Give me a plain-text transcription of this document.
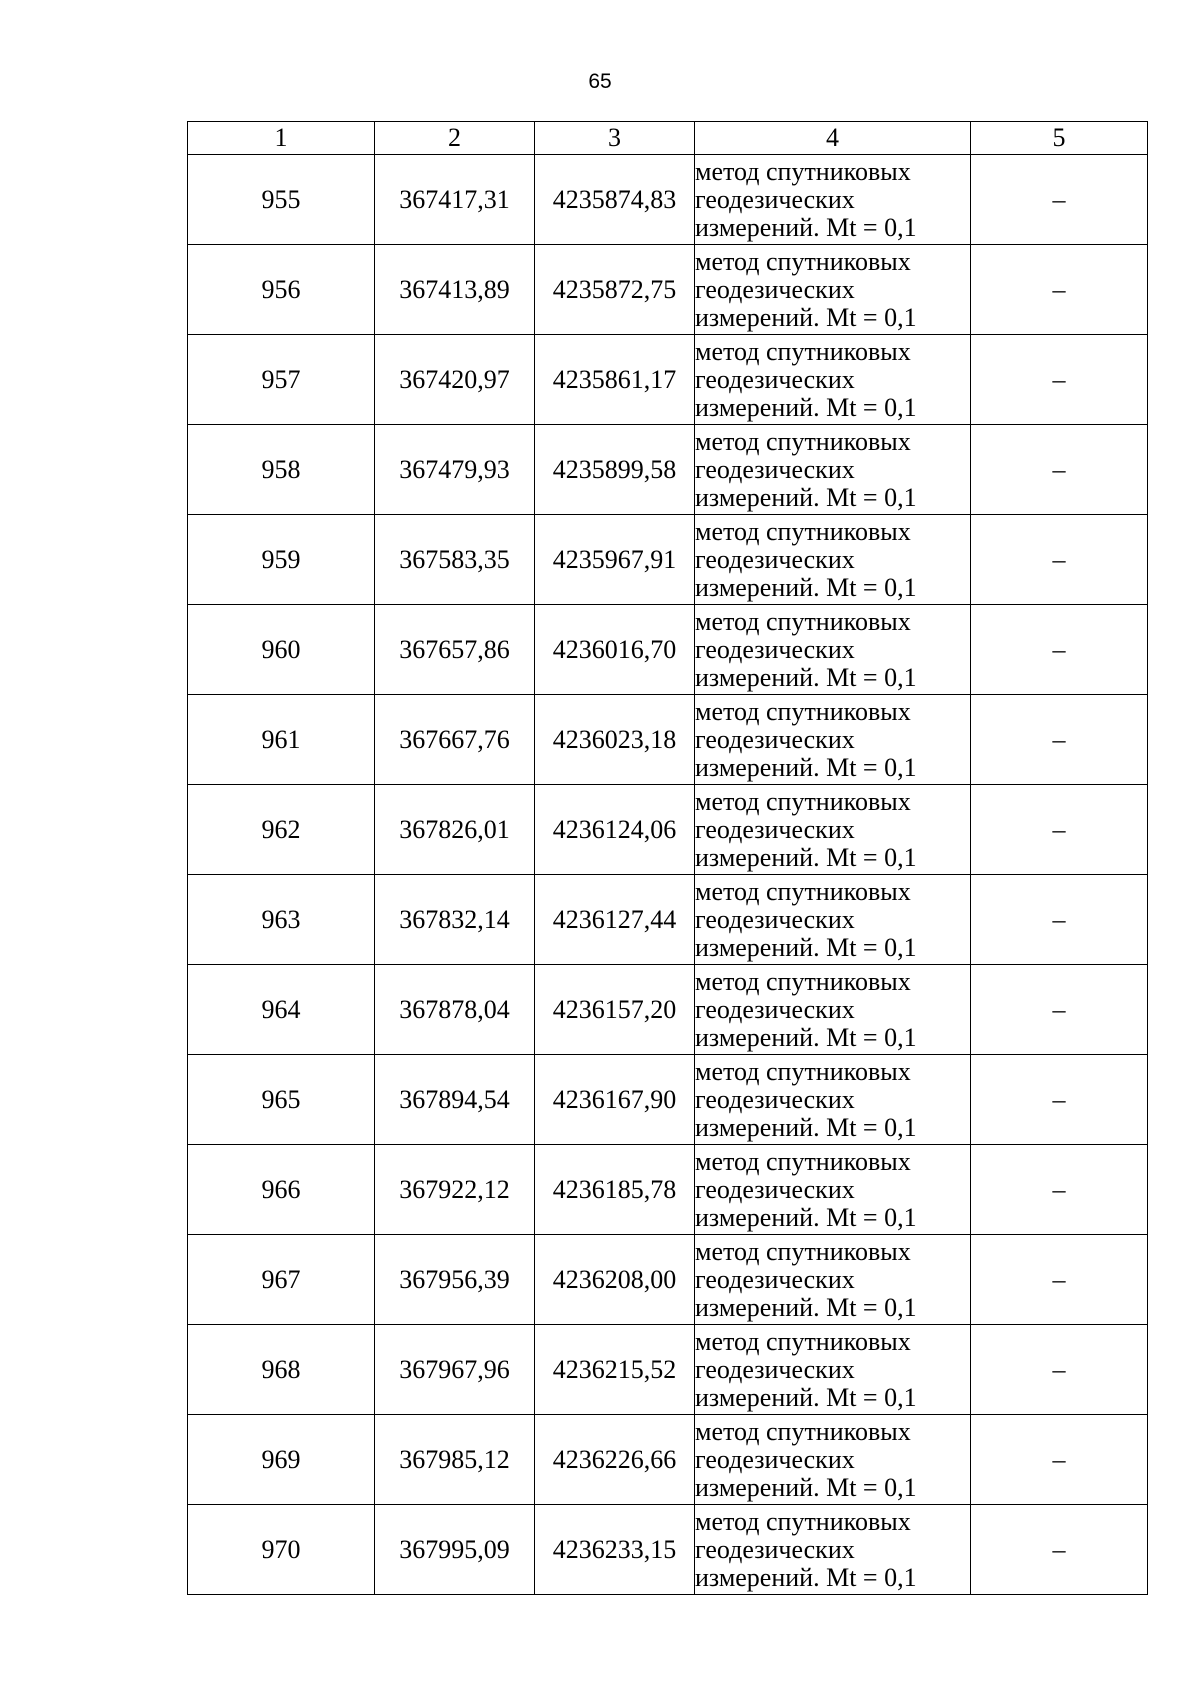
65
1	2	3	4	5
955	367417,31	4235874,83	метод спутниковых
геодезических
измерений. Mt = 0,1	–
956	367413,89	4235872,75	метод спутниковых
геодезических
измерений. Mt = 0,1	–
957	367420,97	4235861,17	метод спутниковых
геодезических
измерений. Mt = 0,1	–
958	367479,93	4235899,58	метод спутниковых
геодезических
измерений. Mt = 0,1	–
959	367583,35	4235967,91	метод спутниковых
геодезических
измерений. Mt = 0,1	–
960	367657,86	4236016,70	метод спутниковых
геодезических
измерений. Mt = 0,1	–
961	367667,76	4236023,18	метод спутниковых
геодезических
измерений. Mt = 0,1	–
962	367826,01	4236124,06	метод спутниковых
геодезических
измерений. Mt = 0,1	–
963	367832,14	4236127,44	метод спутниковых
геодезических
измерений. Mt = 0,1	–
964	367878,04	4236157,20	метод спутниковых
геодезических
измерений. Mt = 0,1	–
965	367894,54	4236167,90	метод спутниковых
геодезических
измерений. Mt = 0,1	–
966	367922,12	4236185,78	метод спутниковых
геодезических
измерений. Mt = 0,1	–
967	367956,39	4236208,00	метод спутниковых
геодезических
измерений. Mt = 0,1	–
968	367967,96	4236215,52	метод спутниковых
геодезических
измерений. Mt = 0,1	–
969	367985,12	4236226,66	метод спутниковых
геодезических
измерений. Mt = 0,1	–
970	367995,09	4236233,15	метод спутниковых
геодезических
измерений. Mt = 0,1	–
